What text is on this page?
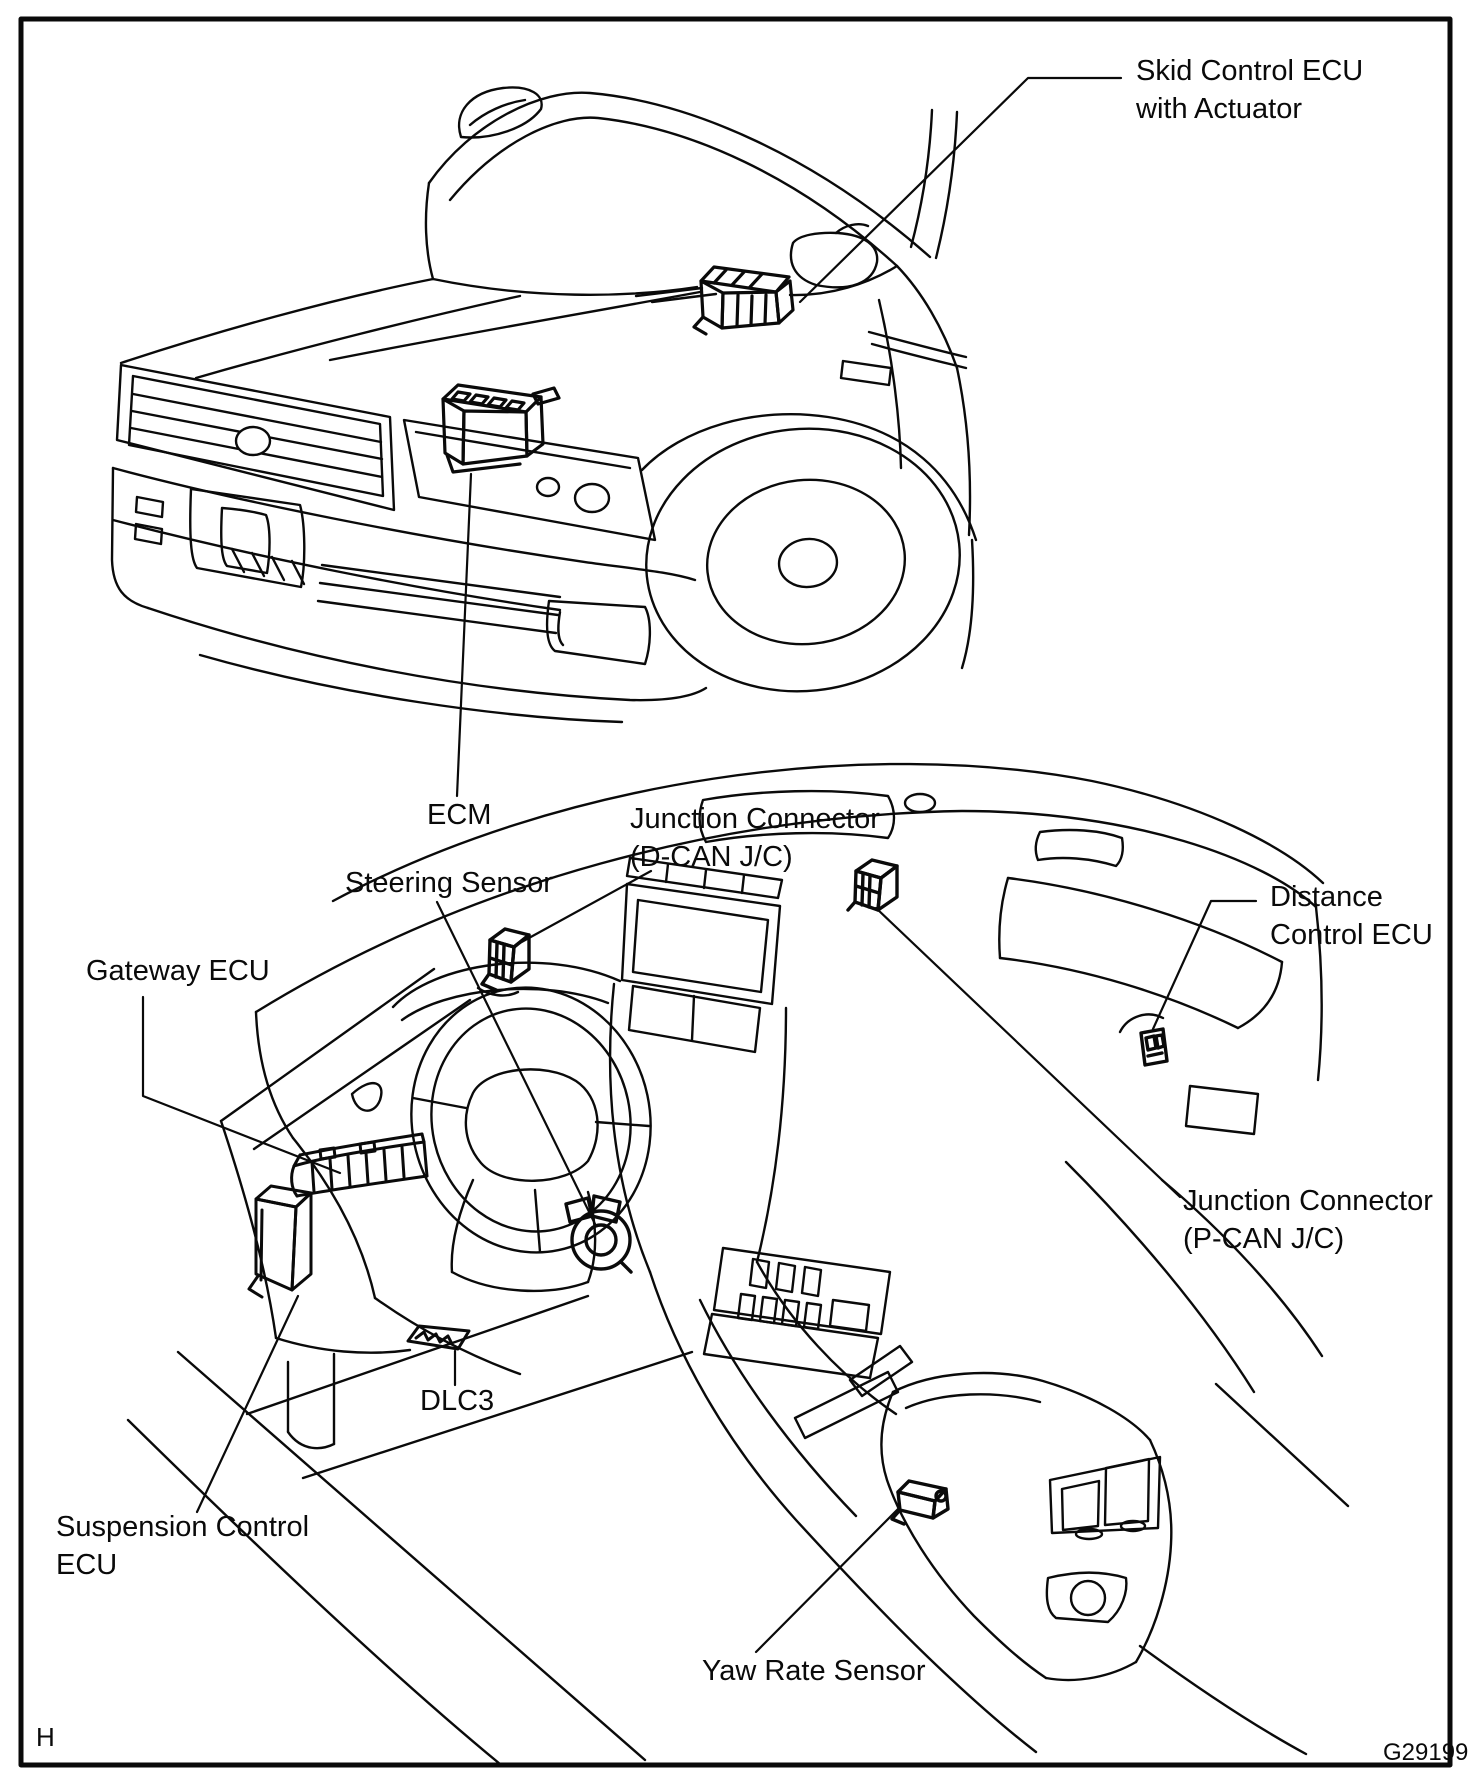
Skid Control ECU
with Actuator
ECM	Junction Connector
(D-CAN J/C)
Steering Sensor	Distance
Control ECU
Gateway ECU
Junction Connector
(P-CAN J/C)
DLC3
Suspension Control
ECU
Yaw Rate Sensor
H
G29199
